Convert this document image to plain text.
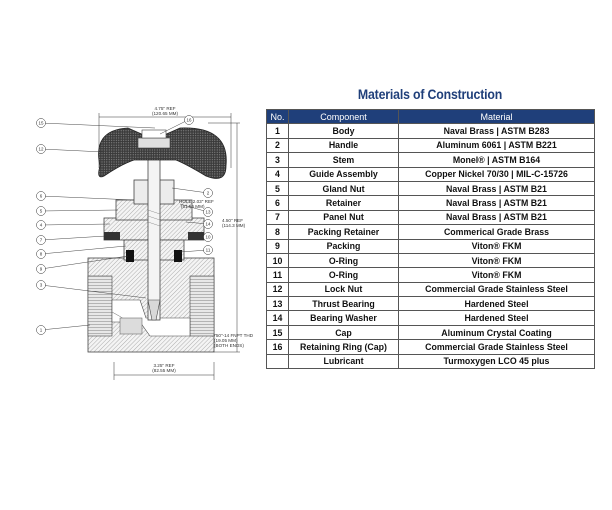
15
12
6
5
4
7
8
9
3
1
16
2
13
14
10
11
4.75" REF
(120.65 MM)
HOLE 2.03" REF
(51.56 MM)
4.50" REF
(114.3 MM)
.750"-14 FNPT THD
(19.05 MM)
(BOTH ENDS)
3.25" REF
(82.55 MM)
Materials of Construction
No.	Component	Material
1	Body	Naval Brass | ASTM B283
2	Handle	Aluminum 6061 | ASTM B221
3	Stem	Monel® | ASTM B164
4	Guide Assembly	Copper Nickel 70/30 | MIL-C-15726
5	Gland Nut	Naval Brass | ASTM B21
6	Retainer	Naval Brass | ASTM B21
7	Panel Nut	Naval Brass | ASTM B21
8	Packing Retainer	Commerical Grade Brass
9	Packing	Viton® FKM
10	O-Ring	Viton® FKM
11	O-Ring	Viton® FKM
12	Lock Nut	Commercial Grade Stainless Steel
13	Thrust Bearing	Hardened Steel
14	Bearing Washer	Hardened Steel
15	Cap	Aluminum Crystal Coating
16	Retaining Ring (Cap)	Commercial Grade Stainless Steel
	Lubricant	Turmoxygen LCO 45 plus
